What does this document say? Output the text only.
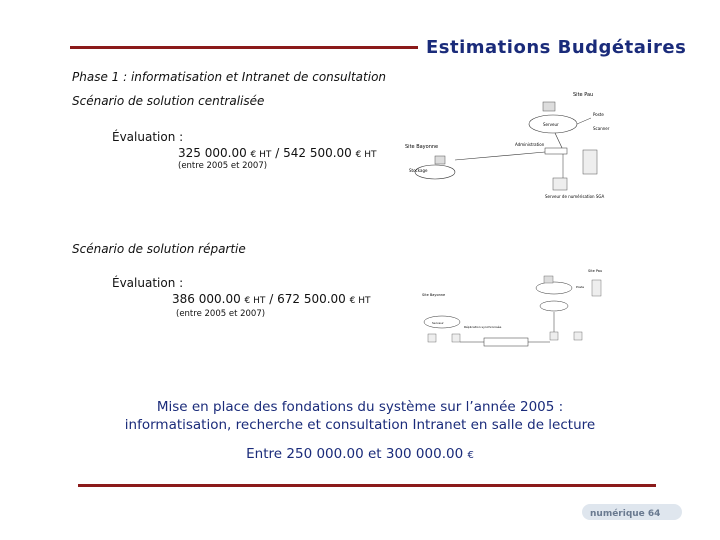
Estimations Budgétaires
Phase 1 : informatisation et Intranet de consultation
Scénario de solution centralisée
Évaluation :
325 000.00 € HT / 542 500.00 € HT
(entre 2005 et 2007)
Site Pau
Serveur
Poste
Scanner
Site Bayonne	Administration
Stockage
Serveur de numérisation SGA
Scénario de solution répartie
Évaluation :
386 000.00 € HT / 672 500.00 € HT
(entre 2005 et 2007)
Site Pau
Poste
Site Bayonne
Serveur
Réplication synchronisée
Mise en place des fondations du système sur l’année 2005 :
informatisation, recherche et consultation Intranet en salle de lecture
Entre 250 000.00 et 300 000.00 €
numérique 64
